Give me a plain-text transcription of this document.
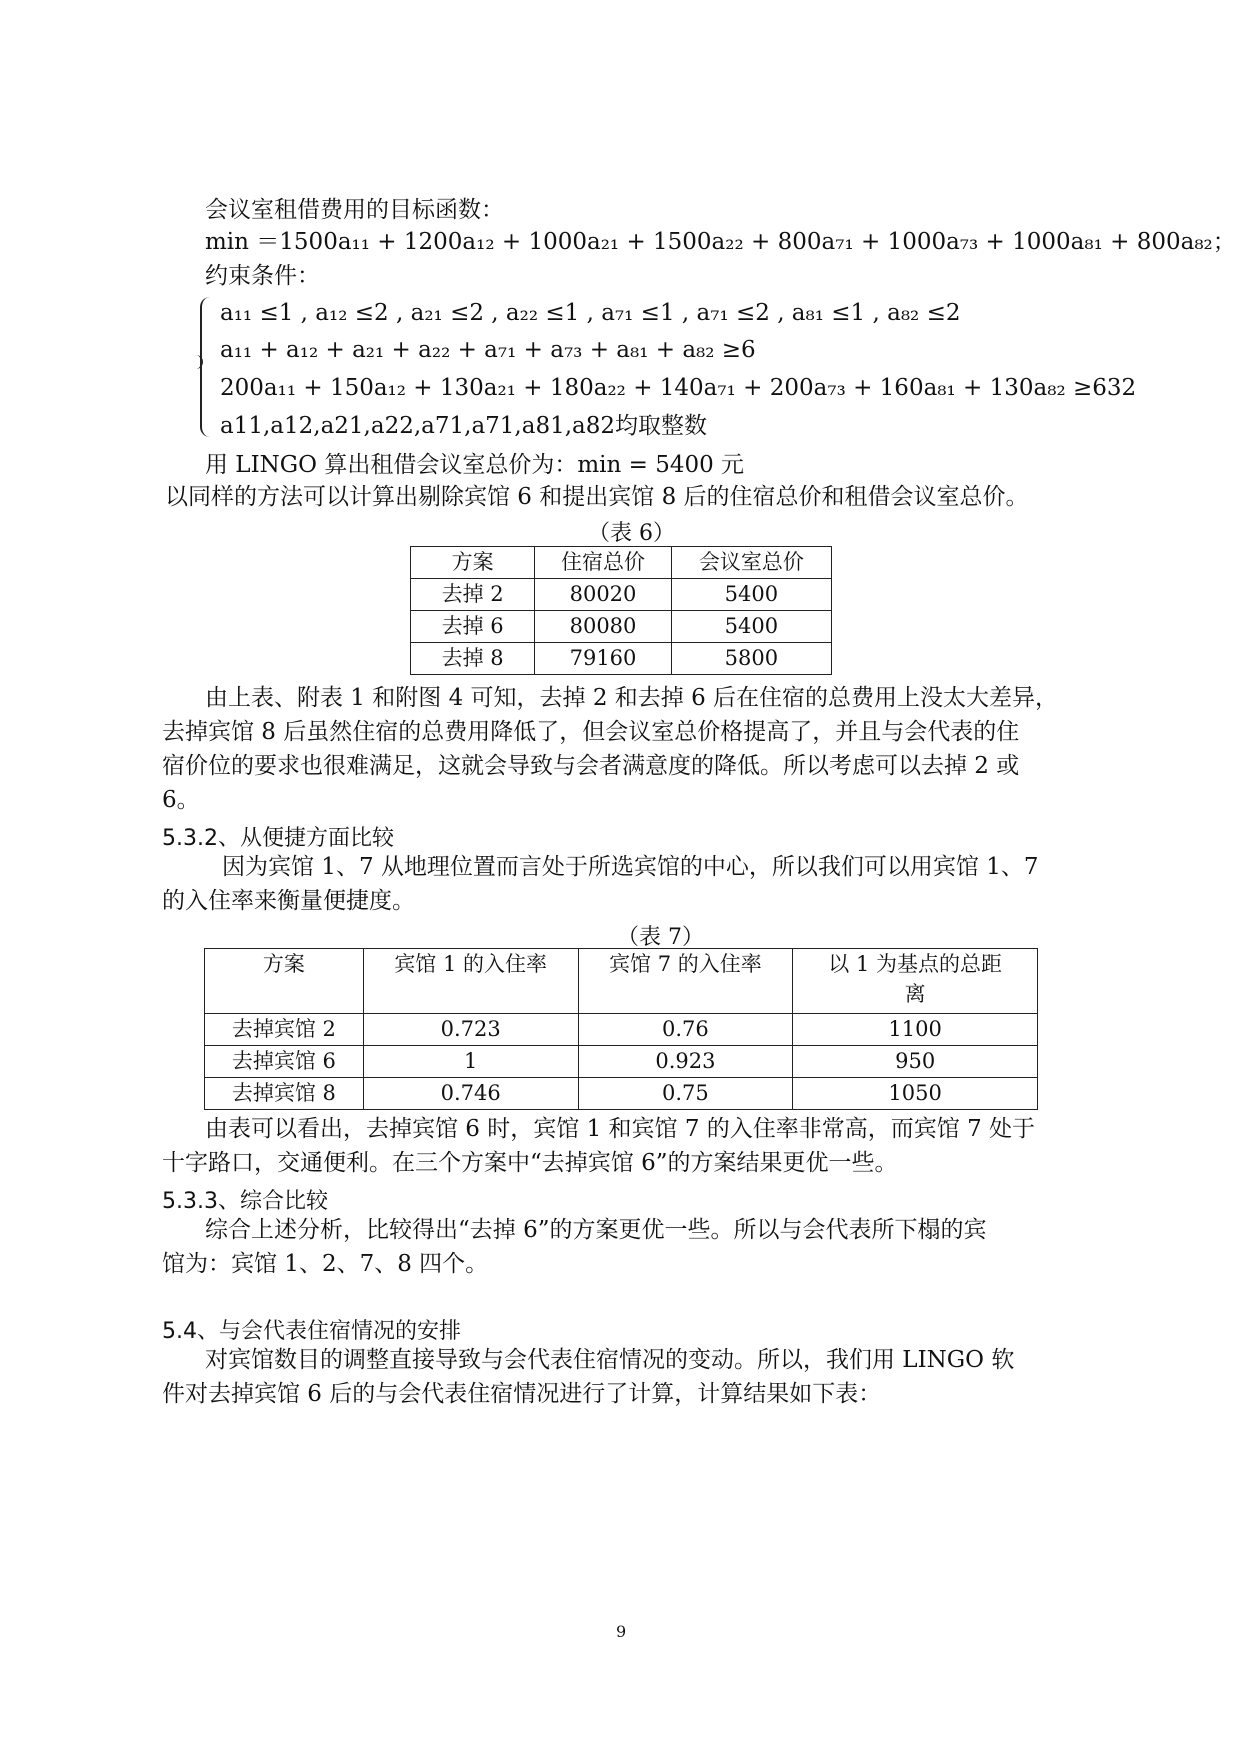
会议室租借费用的目标函数：
min ＝1500a₁₁ + 1200a₁₂ + 1000a₂₁ + 1500a₂₂ + 800a₇₁ + 1000a₇₃ + 1000a₈₁ + 800a₈₂；
约束条件：
a₁₁ ≤1 , a₁₂ ≤2 , a₂₁ ≤2 , a₂₂ ≤1 , a₇₁ ≤1 , a₇₁ ≤2 , a₈₁ ≤1 , a₈₂ ≤2
a₁₁ + a₁₂ + a₂₁ + a₂₂ + a₇₁ + a₇₃ + a₈₁ + a₈₂ ≥6
200a₁₁ + 150a₁₂ + 130a₂₁ + 180a₂₂ + 140a₇₁ + 200a₇₃ + 160a₈₁ + 130a₈₂ ≥632
a11,a12,a21,a22,a71,a71,a81,a82均取整数
用 LINGO 算出租借会议室总价为：min = 5400 元
以同样的方法可以计算出剔除宾馆 6 和提出宾馆 8 后的住宿总价和租借会议室总价。
（表 6）
方案	住宿总价	会议室总价
去掉 2	80020	5400
去掉 6	80080	5400
去掉 8	79160	5800
由上表、附表 1 和附图 4 可知，去掉 2 和去掉 6 后在住宿的总费用上没太大差异，
去掉宾馆 8 后虽然住宿的总费用降低了，但会议室总价格提高了，并且与会代表的住
宿价位的要求也很难满足，这就会导致与会者满意度的降低。所以考虑可以去掉 2 或
6。
5.3.2、从便捷方面比较
因为宾馆 1、7 从地理位置而言处于所选宾馆的中心，所以我们可以用宾馆 1、7
的入住率来衡量便捷度。
（表 7）
方案	宾馆 1 的入住率	宾馆 7 的入住率	以 1 为基点的总距
离

去掉宾馆 2	0.723	0.76	1100
去掉宾馆 6	1	0.923	950
去掉宾馆 8	0.746	0.75	1050
由表可以看出，去掉宾馆 6 时，宾馆 1 和宾馆 7 的入住率非常高，而宾馆 7 处于
十字路口，交通便利。在三个方案中“去掉宾馆 6”的方案结果更优一些。
5.3.3、综合比较
综合上述分析，比较得出“去掉 6”的方案更优一些。所以与会代表所下榻的宾
馆为：宾馆 1、2、7、8 四个。
5.4、与会代表住宿情况的安排
对宾馆数目的调整直接导致与会代表住宿情况的变动。所以，我们用 LINGO 软
件对去掉宾馆 6 后的与会代表住宿情况进行了计算，计算结果如下表：
9
